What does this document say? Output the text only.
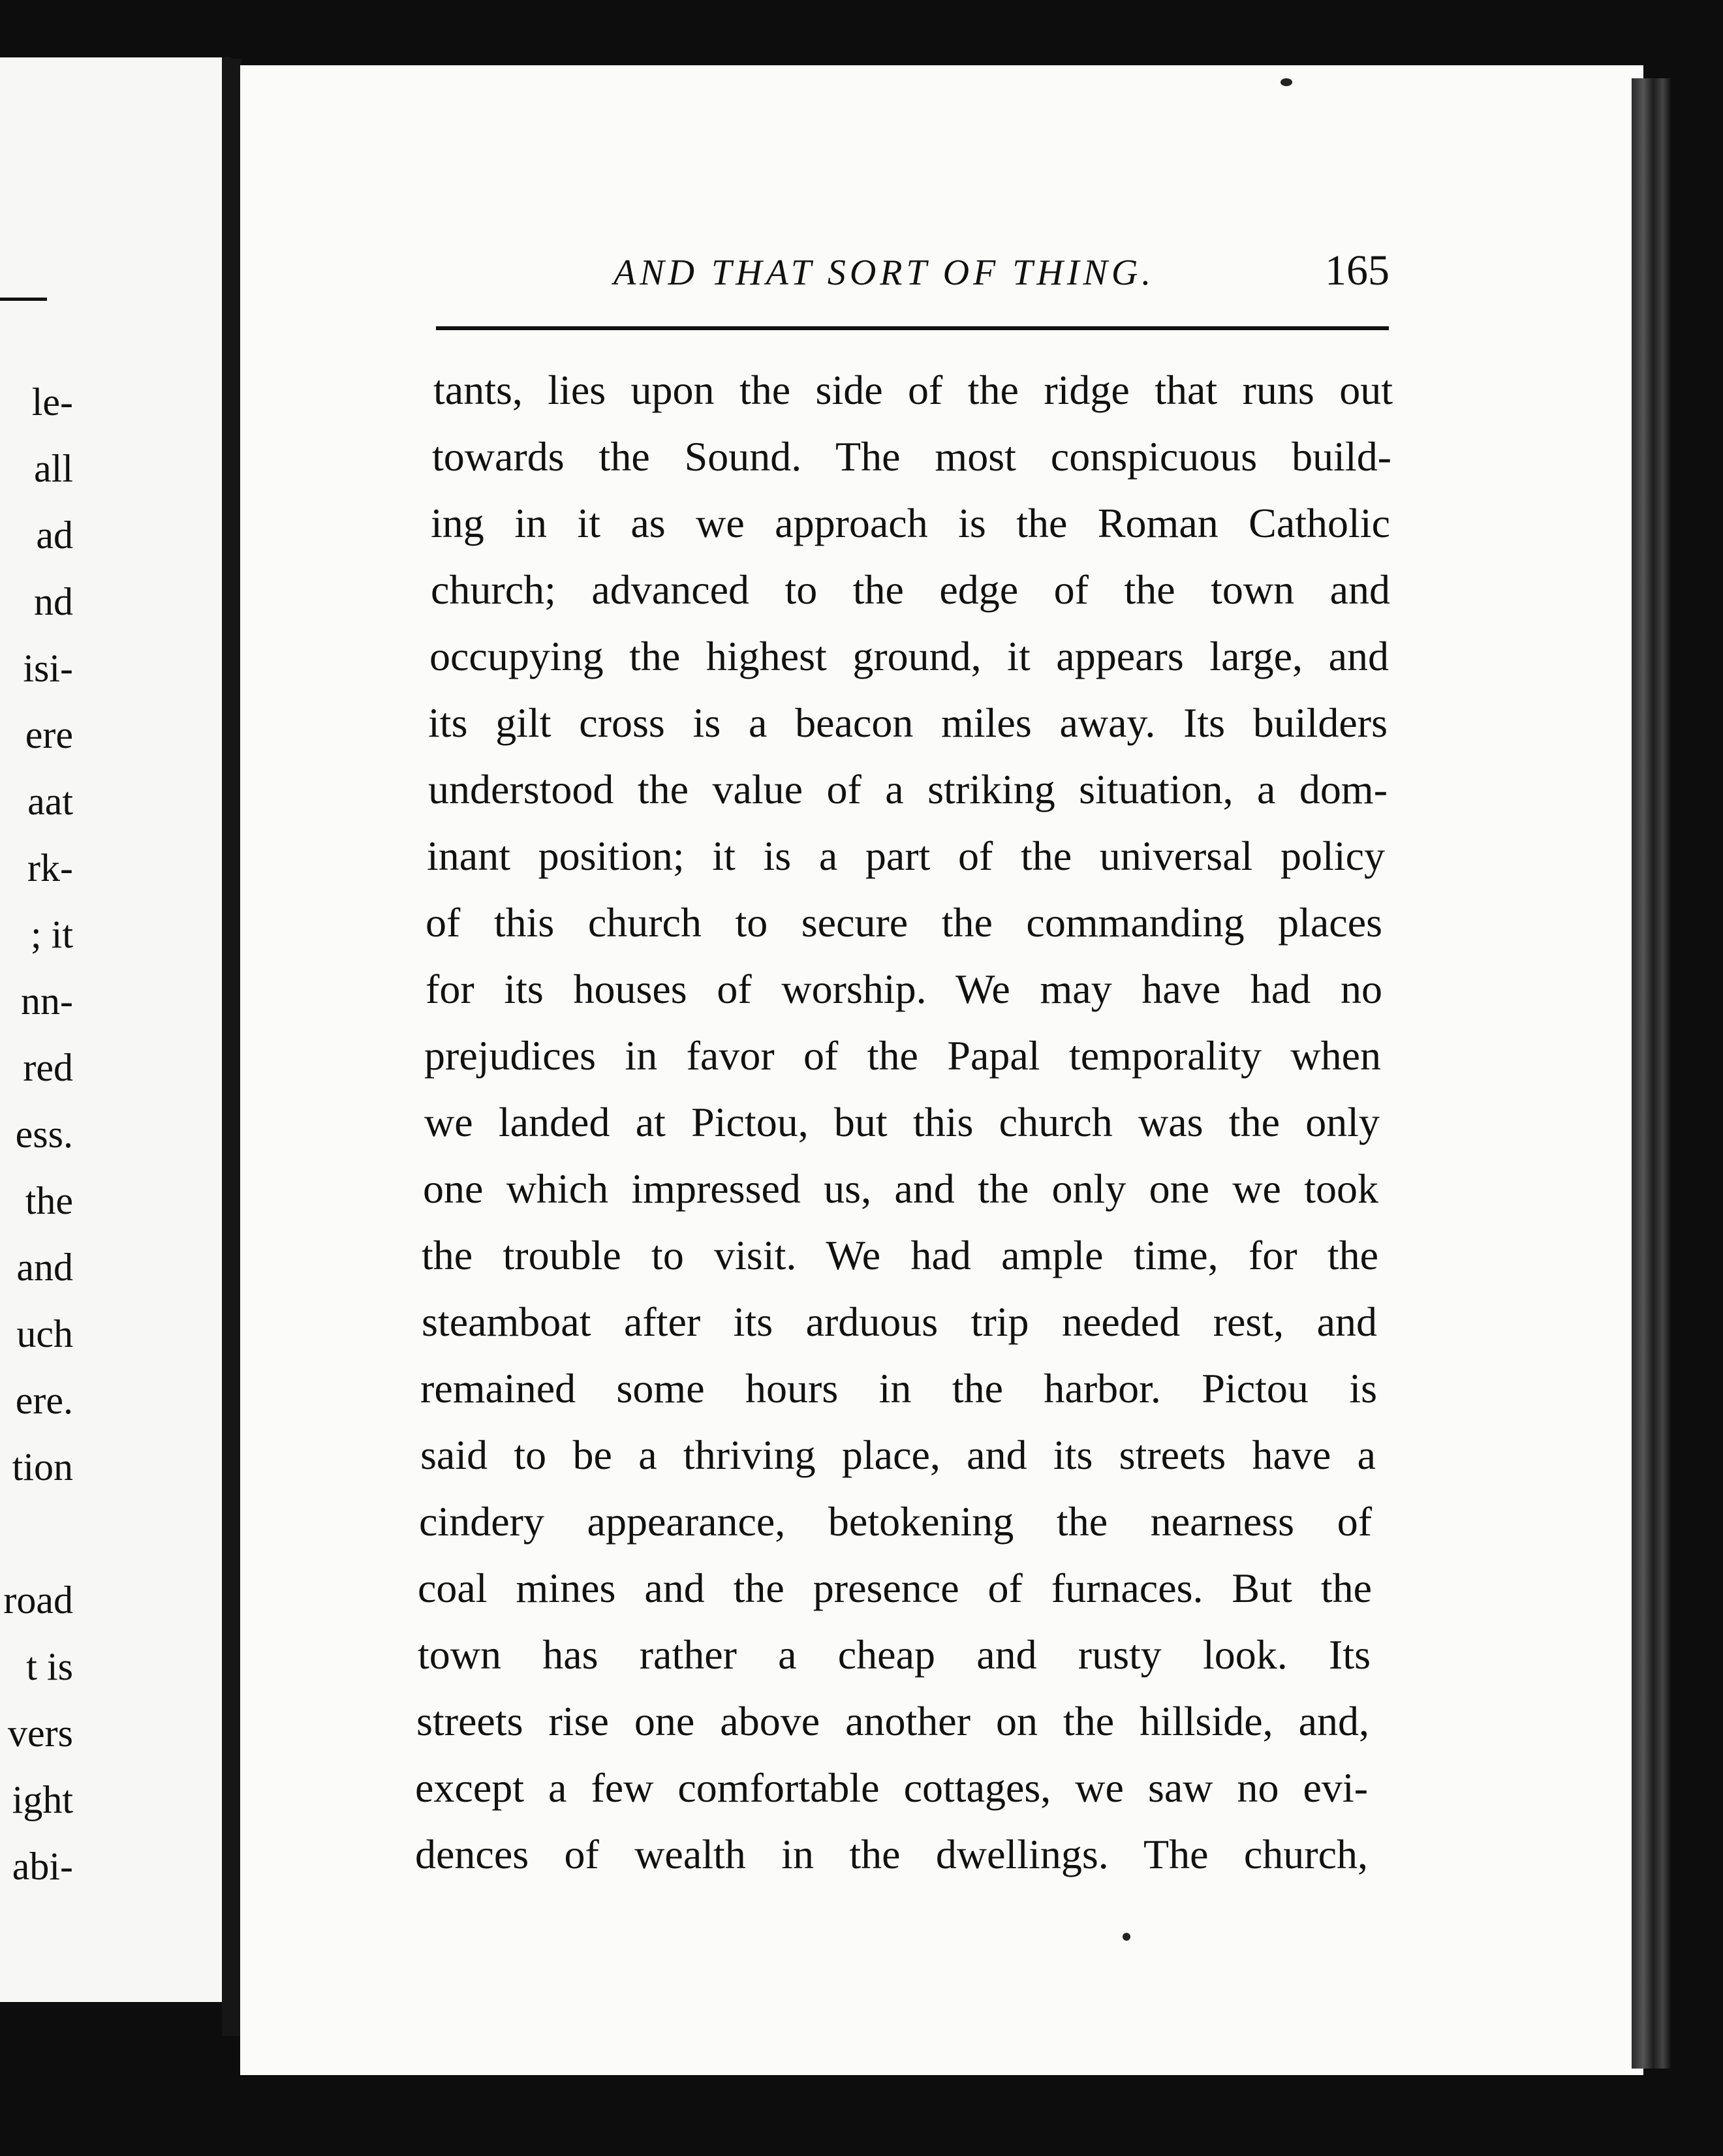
le-
all
ad
nd
isi-
ere
aat
rk-
; it
nn-
red
ess.
the
and
uch
ere.
tion
road
t is
vers
ight
abi-
AND THAT SORT OF THING.	165
tants, lies upon the side of the ridge that runs out
towards the Sound. The most conspicuous build-
ing in it as we approach is the Roman Catholic
church; advanced to the edge of the town and
occupying the highest ground, it appears large, and
its gilt cross is a beacon miles away. Its builders
understood the value of a striking situation, a dom-
inant position; it is a part of the universal policy
of this church to secure the commanding places
for its houses of worship. We may have had no
prejudices in favor of the Papal temporality when
we landed at Pictou, but this church was the only
one which impressed us, and the only one we took
the trouble to visit. We had ample time, for the
steamboat after its arduous trip needed rest, and
remained some hours in the harbor. Pictou is
said to be a thriving place, and its streets have a
cindery appearance, betokening the nearness of
coal mines and the presence of furnaces. But the
town has rather a cheap and rusty look. Its
streets rise one above another on the hillside, and,
except a few comfortable cottages, we saw no evi-
dences of wealth in the dwellings. The church,
